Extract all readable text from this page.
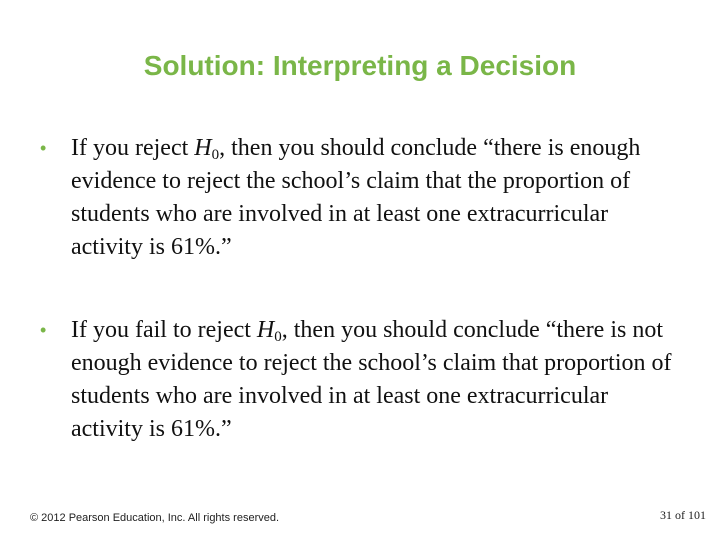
Solution: Interpreting a Decision
• If you reject $H_0$, then you should conclude “there is enough evidence to reject the school’s claim that the proportion of students who are involved in at least one extracurricular activity is 61%.”
• If you fail to reject $H_0$, then you should conclude “there is not enough evidence to reject the school’s claim that proportion of students who are involved in at least one extracurricular activity is 61%.”
© 2012 Pearson Education, Inc. All rights reserved.	31 of 101
